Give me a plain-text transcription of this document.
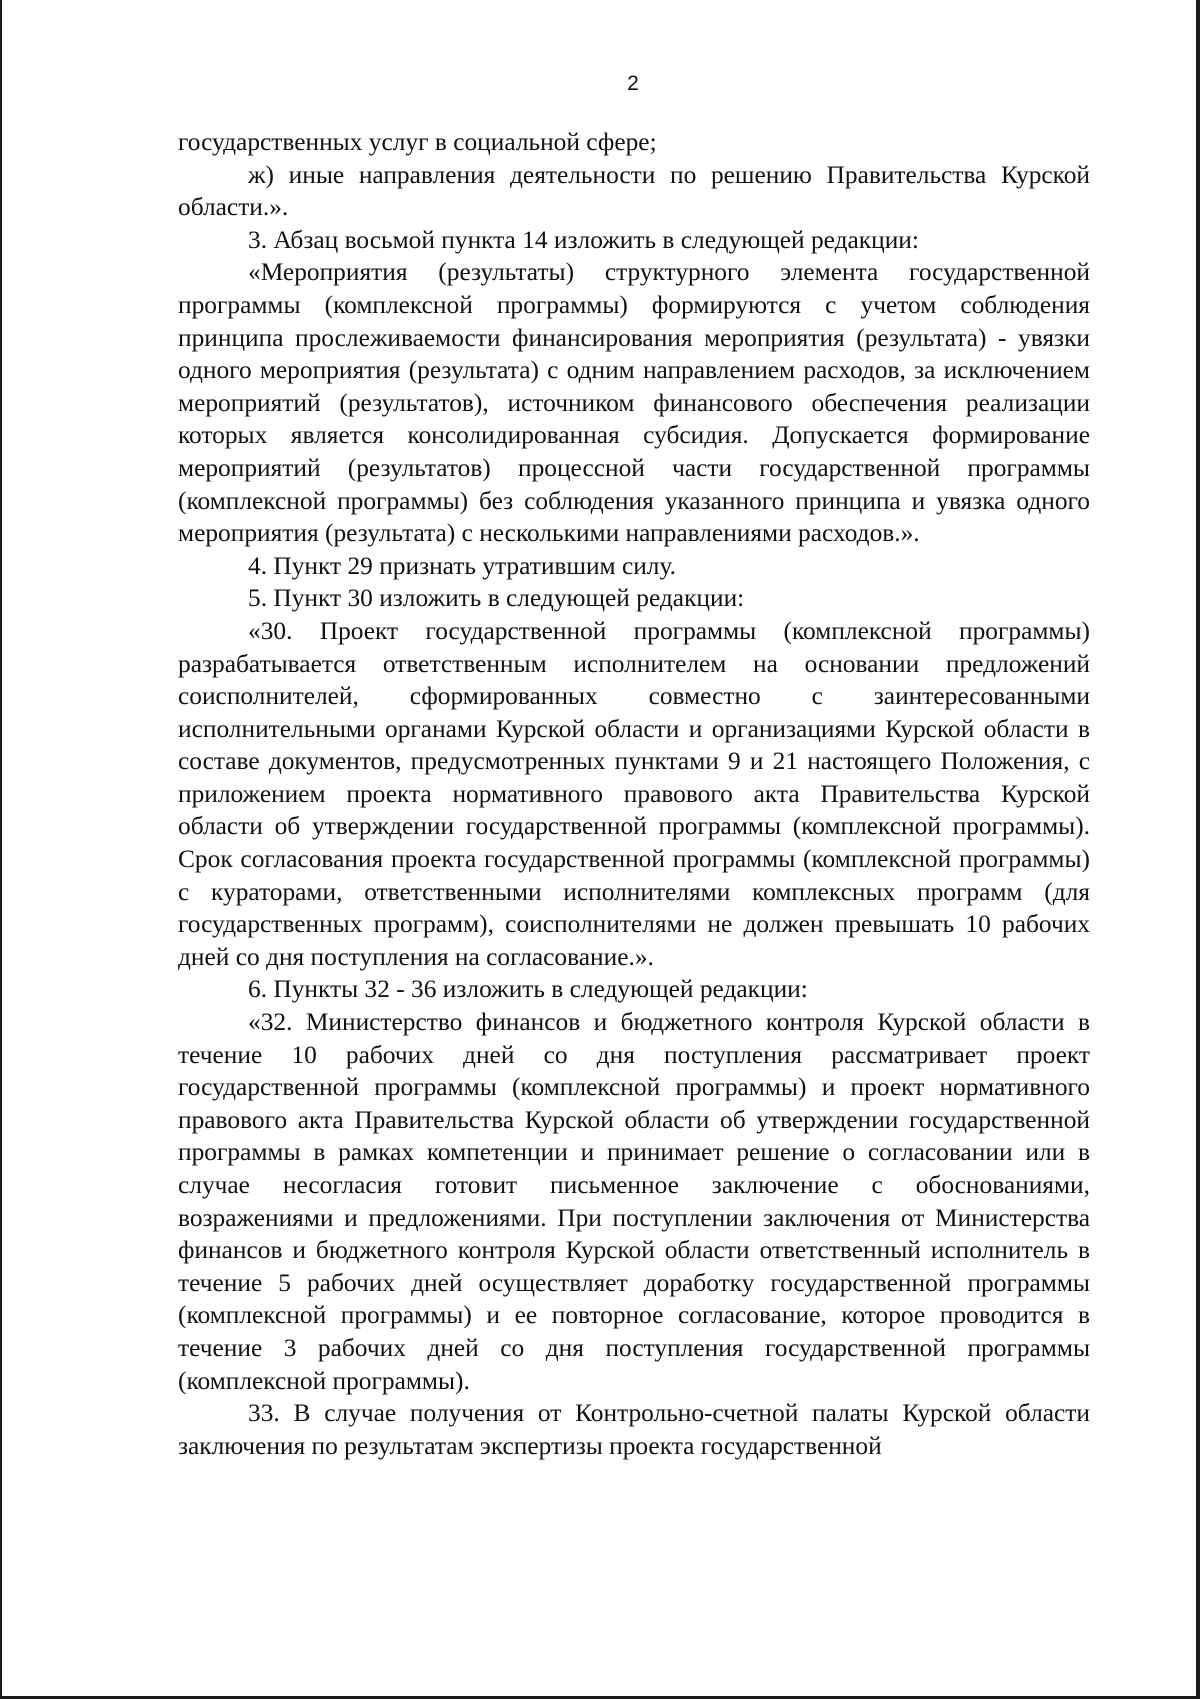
2

государственных услуг в социальной сфере;

ж) иные направления деятельности по решению Правительства Курской области.».

3. Абзац восьмой пункта 14 изложить в следующей редакции:

«Мероприятия (результаты) структурного элемента государственной программы (комплексной программы) формируются с учетом соблюдения принципа прослеживаемости финансирования мероприятия (результата) - увязки одного мероприятия (результата) с одним направлением расходов, за исключением мероприятий (результатов), источником финансового обеспечения реализации которых является консолидированная субсидия. Допускается формирование мероприятий (результатов) процессной части государственной программы (комплексной программы) без соблюдения указанного принципа и увязка одного мероприятия (результата) с несколькими направлениями расходов.».

4. Пункт 29 признать утратившим силу.

5. Пункт 30 изложить в следующей редакции:

«30. Проект государственной программы (комплексной программы) разрабатывается ответственным исполнителем на основании предложений соисполнителей, сформированных совместно с заинтересованными исполнительными органами Курской области и организациями Курской области в составе документов, предусмотренных пунктами 9 и 21 настоящего Положения, с приложением проекта нормативного правового акта Правительства Курской области об утверждении государственной программы (комплексной программы). Срок согласования проекта государственной программы (комплексной программы) с кураторами, ответственными исполнителями комплексных программ (для государственных программ), соисполнителями не должен превышать 10 рабочих дней со дня поступления на согласование.».

6. Пункты 32 - 36 изложить в следующей редакции:

«32. Министерство финансов и бюджетного контроля Курской области в течение 10 рабочих дней со дня поступления рассматривает проект государственной программы (комплексной программы) и проект нормативного правового акта Правительства Курской области об утверждении государственной программы в рамках компетенции и принимает решение о согласовании или в случае несогласия готовит письменное заключение с обоснованиями, возражениями и предложениями. При поступлении заключения от Министерства финансов и бюджетного контроля Курской области ответственный исполнитель в течение 5 рабочих дней осуществляет доработку государственной программы (комплексной программы) и ее повторное согласование, которое проводится в течение 3 рабочих дней со дня поступления государственной программы (комплексной программы).

33. В случае получения от Контрольно-счетной палаты Курской области заключения по результатам экспертизы проекта государственной
